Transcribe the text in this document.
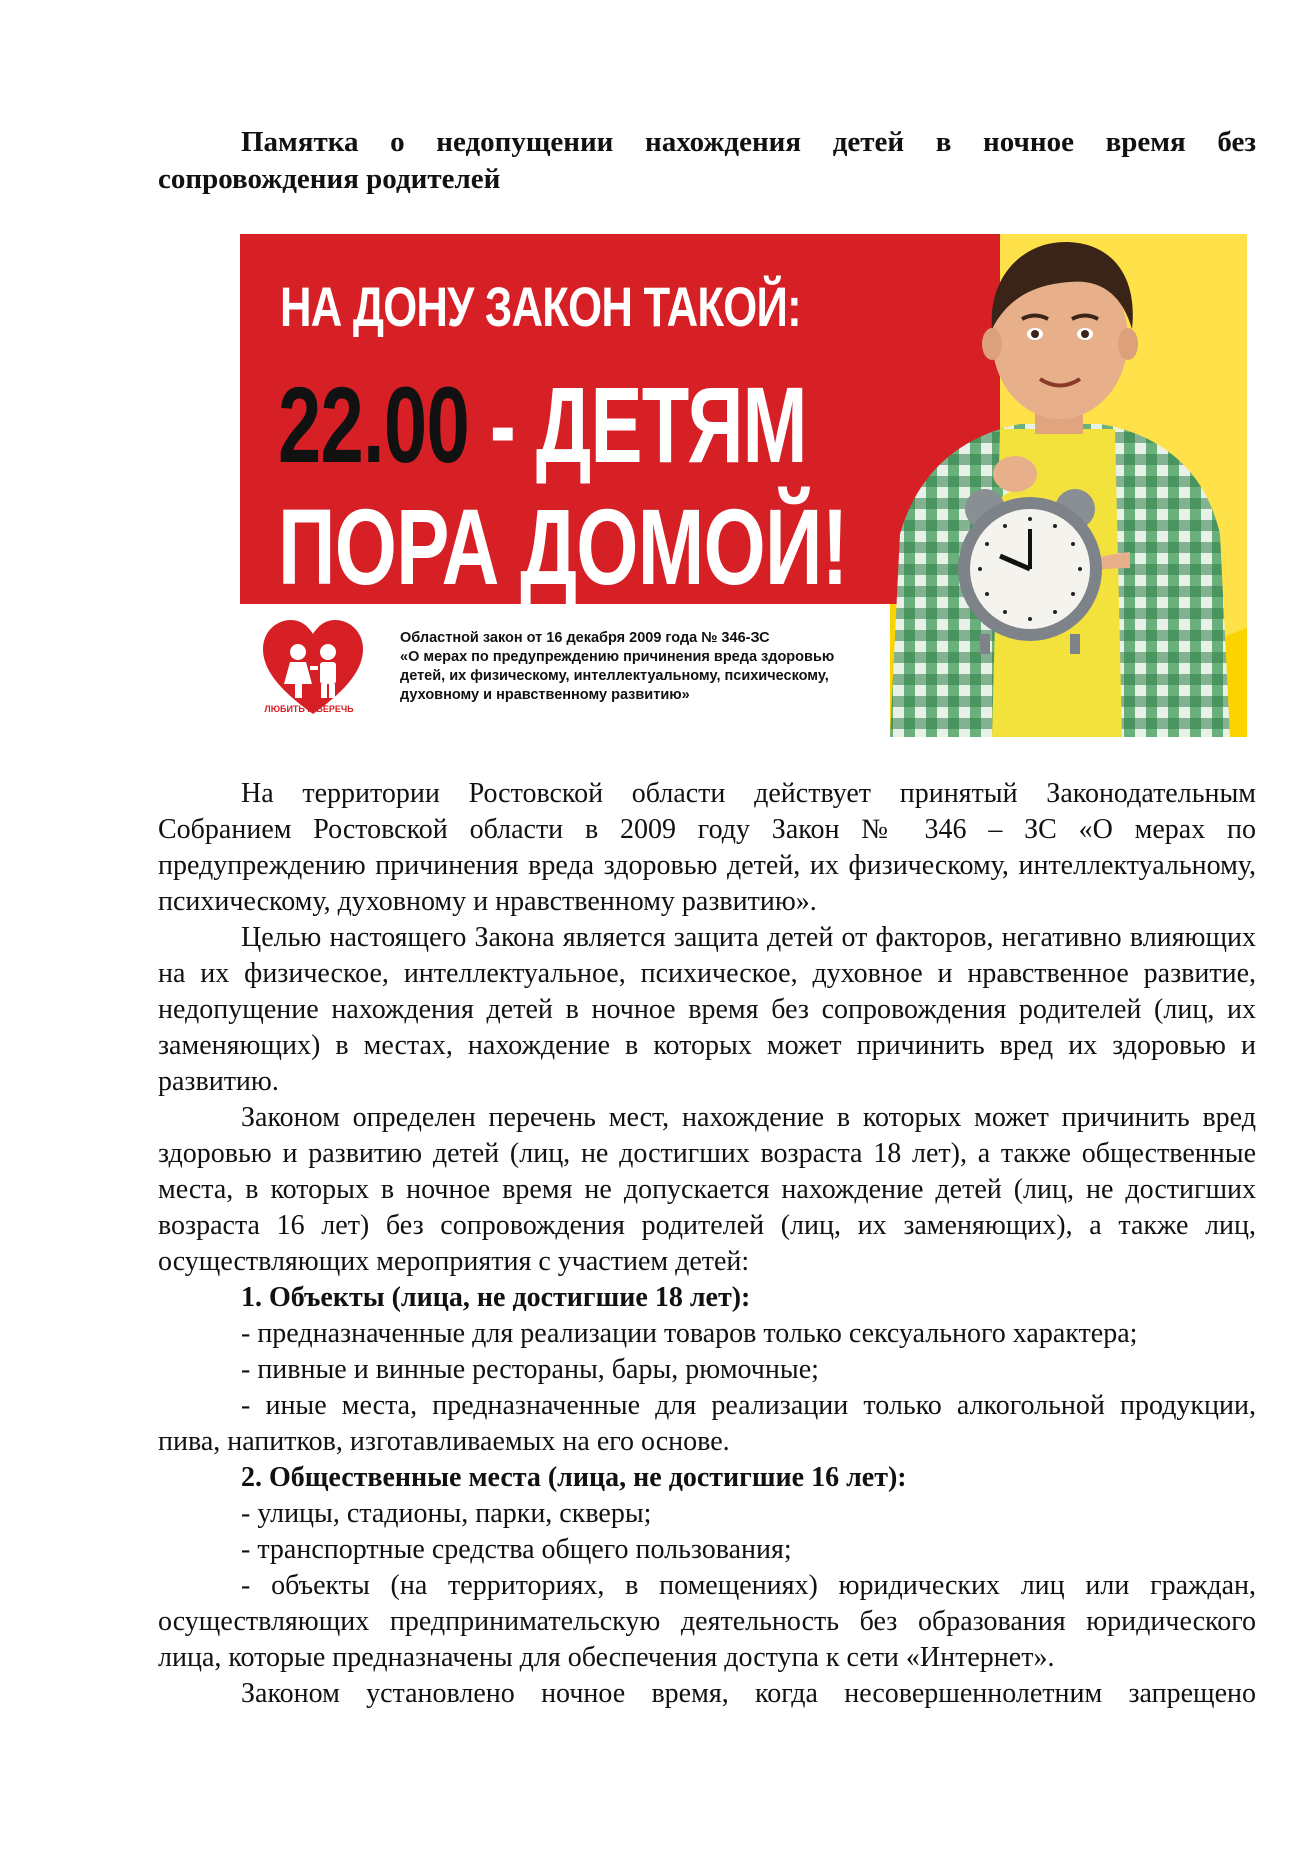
Памятка о недопущении нахождения детей в ночное время без сопровождения родителей
НА ДОНУ ЗАКОН ТАКОЙ:
22.00 - ДЕТЯМ
ПОРА ДОМОЙ!
ЛЮБИТЬ И БЕРЕЧЬ
Областной закон от 16 декабря 2009 года № 346-ЗС
«О мерах по предупреждению причинения вреда здоровью
детей, их физическому, интеллектуальному, психическому,
духовному и нравственному развитию»

На территории Ростовской области действует принятый Законодательным Собранием Ростовской области в 2009 году Закон № 346 – ЗС «О мерах по предупреждению причинения вреда здоровью детей, их физическому, интеллектуальному, психическому, духовному и нравственному развитию».

Целью настоящего Закона является защита детей от факторов, негативно влияющих на их физическое, интеллектуальное, психическое, духовное и нравственное развитие, недопущение нахождения детей в ночное время без сопровождения родителей (лиц, их заменяющих) в местах, нахождение в которых может причинить вред их здоровью и развитию.

Законом определен перечень мест, нахождение в которых может причинить вред здоровью и развитию детей (лиц, не достигших возраста 18 лет), а также общественные места, в которых в ночное время не допускается нахождение детей (лиц, не достигших возраста 16 лет) без сопровождения родителей (лиц, их заменяющих), а также лиц, осуществляющих мероприятия с участием детей:

1. Объекты (лица, не достигшие 18 лет):

- предназначенные для реализации товаров только сексуального характера;

- пивные и винные рестораны, бары, рюмочные;

- иные места, предназначенные для реализации только алкогольной продукции, пива, напитков, изготавливаемых на его основе.

2. Общественные места (лица, не достигшие 16 лет):

- улицы, стадионы, парки, скверы;

- транспортные средства общего пользования;

- объекты (на территориях, в помещениях) юридических лиц или граждан, осуществляющих предпринимательскую деятельность без образования юридического лица, которые предназначены для обеспечения доступа к сети «Интернет».

Законом установлено ночное время, когда несовершеннолетним запрещено
